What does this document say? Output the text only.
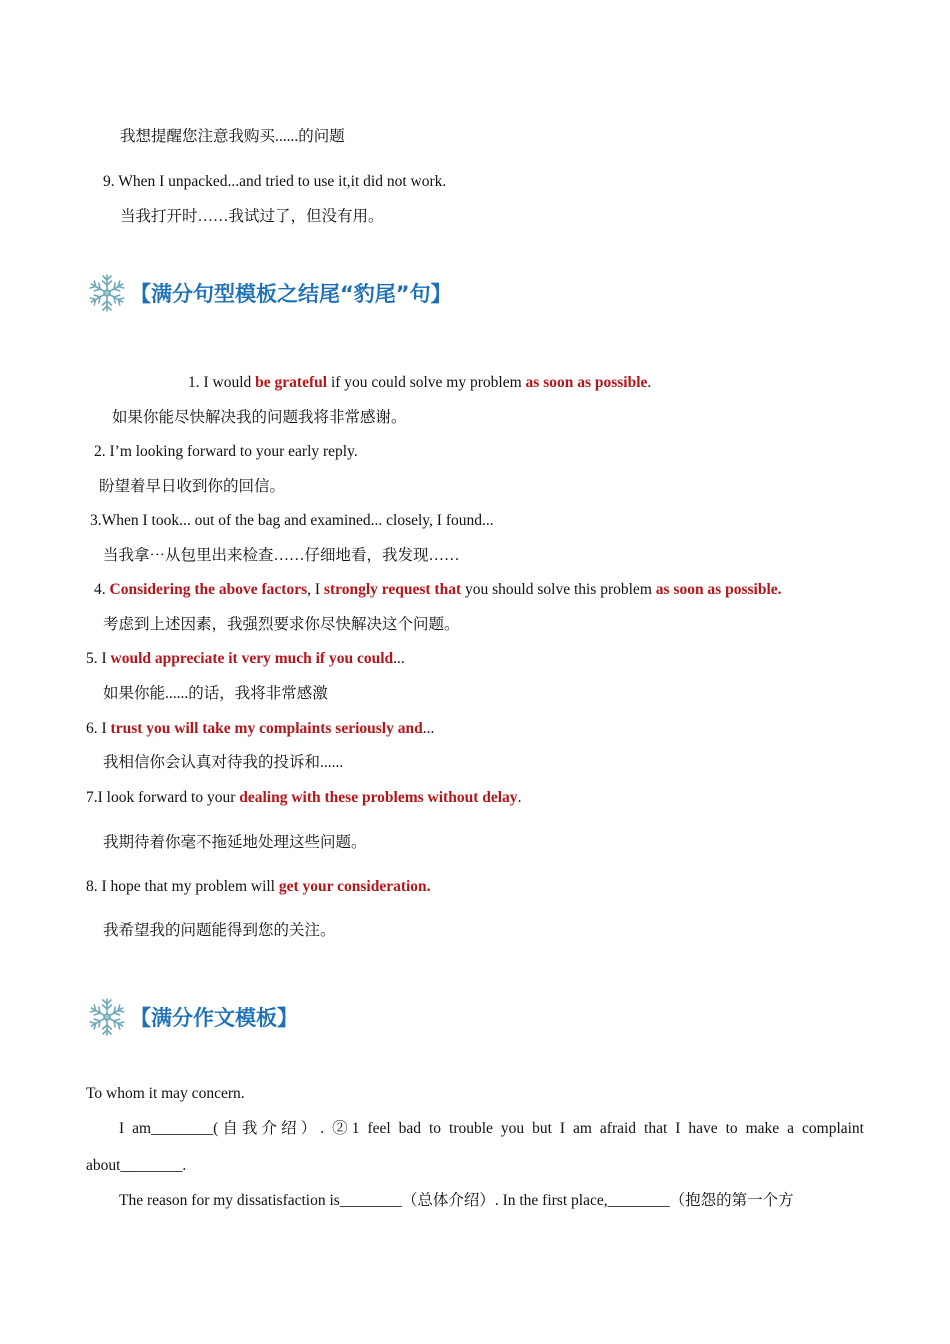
我想提醒您注意我购买......的问题
9. When I unpacked...and tried to use it,it did not work.
当我打开时……我试过了，但没有用。
【满分句型模板之结尾“豹尾”句】
1. I would be grateful if you could solve my problem as soon as possible.
如果你能尽快解决我的问题我将非常感谢。
2. I’m looking forward to your early reply.
盼望着早日收到你的回信。
3.When I took... out of the bag and examined... closely, I found...
当我拿⋯从包里出来检查……仔细地看，我发现……
4. Considering the above factors, I strongly request that you should solve this problem as soon as possible.
考虑到上述因素，我强烈要求你尽快解决这个问题。
5. I would appreciate it very much if you could...
如果你能......的话，我将非常感激
6. I trust you will take my complaints seriously and...
我相信你会认真对待我的投诉和......
7.I look forward to your dealing with these problems without delay.
我期待着你毫不拖延地处理这些问题。
8. I hope that my problem will get your consideration.
我希望我的问题能得到您的关注。
【满分作文模板】
To whom it may concern.
I am________(自我介绍）. ②1 feel bad to trouble you but I am afraid that I have to make a complaint about________.
The reason for my dissatisfaction is________（总体介绍）. In the first place,________（抱怨的第一个方
